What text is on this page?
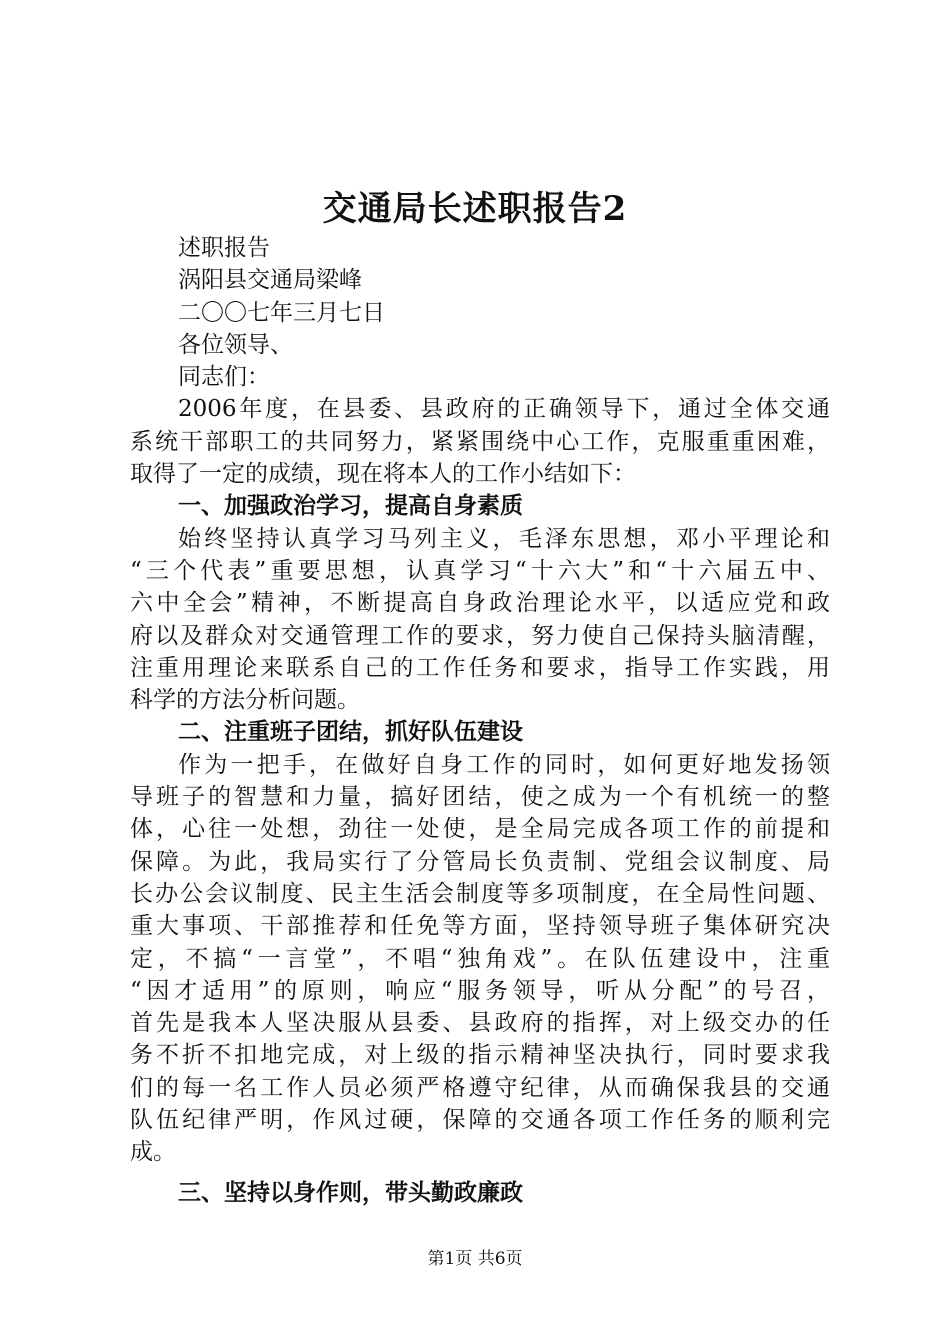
交通局长述职报告2
述职报告
涡阳县交通局梁峰
二〇〇七年三月七日
各位领导、
同志们：
2006年度，在县委、县政府的正确领导下，通过全体交通
系统干部职工的共同努力，紧紧围绕中心工作，克服重重困难，
取得了一定的成绩，现在将本人的工作小结如下：
一、加强政治学习，提高自身素质
始终坚持认真学习马列主义，毛泽东思想，邓小平理论和
“三个代表”重要思想，认真学习“十六大”和“十六届五中、
六中全会”精神，不断提高自身政治理论水平，以适应党和政
府以及群众对交通管理工作的要求，努力使自己保持头脑清醒，
注重用理论来联系自己的工作任务和要求，指导工作实践，用
科学的方法分析问题。
二、注重班子团结，抓好队伍建设
作为一把手，在做好自身工作的同时，如何更好地发扬领
导班子的智慧和力量，搞好团结，使之成为一个有机统一的整
体，心往一处想，劲往一处使，是全局完成各项工作的前提和
保障。为此，我局实行了分管局长负责制、党组会议制度、局
长办公会议制度、民主生活会制度等多项制度，在全局性问题、
重大事项、干部推荐和任免等方面，坚持领导班子集体研究决
定，不搞“一言堂”，不唱“独角戏”。在队伍建设中，注重
“因才适用”的原则，响应“服务领导，听从分配”的号召，
首先是我本人坚决服从县委、县政府的指挥，对上级交办的任
务不折不扣地完成，对上级的指示精神坚决执行，同时要求我
们的每一名工作人员必须严格遵守纪律，从而确保我县的交通
队伍纪律严明，作风过硬，保障的交通各项工作任务的顺利完
成。
三、坚持以身作则，带头勤政廉政
第1页 共6页
